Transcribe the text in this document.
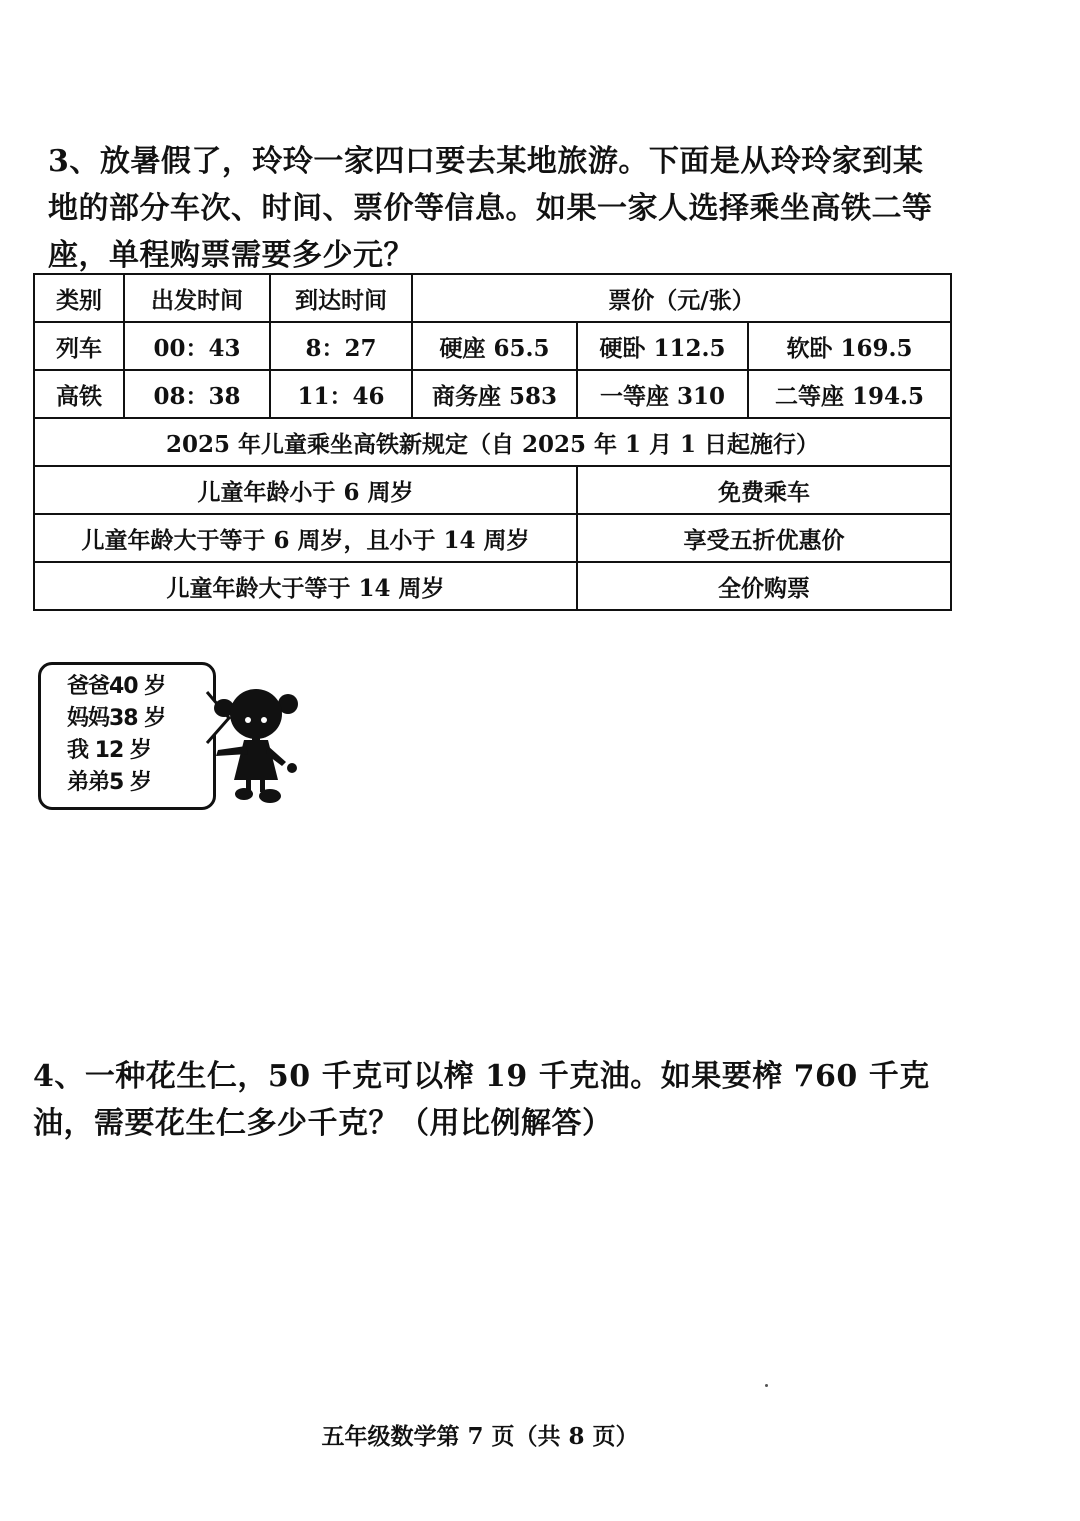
3、放暑假了，玲玲一家四口要去某地旅游。下面是从玲玲家到某地的部分车次、时间、票价等信息。如果一家人选择乘坐高铁二等座，单程购票需要多少元？

类别	出发时间	到达时间	票价（元/张）		
列车	00：43	8：27	硬座 65.5	硬卧 112.5	软卧 169.5
高铁	08：38	11：46	商务座 583	一等座 310	二等座 194.5
2025 年儿童乘坐高铁新规定（自 2025 年 1 月 1 日起施行）					
儿童年龄小于 6 周岁				免费乘车	
儿童年龄大于等于 6 周岁，且小于 14 周岁				享受五折优惠价	
儿童年龄大于等于 14 周岁				全价购票	
爸爸40 岁
妈妈38 岁
我 12 岁
弟弟5 岁

4、一种花生仁，50 千克可以榨 19 千克油。如果要榨 760 千克油，需要花生仁多少千克？（用比例解答）

五年级数学第 7 页（共 8 页）
